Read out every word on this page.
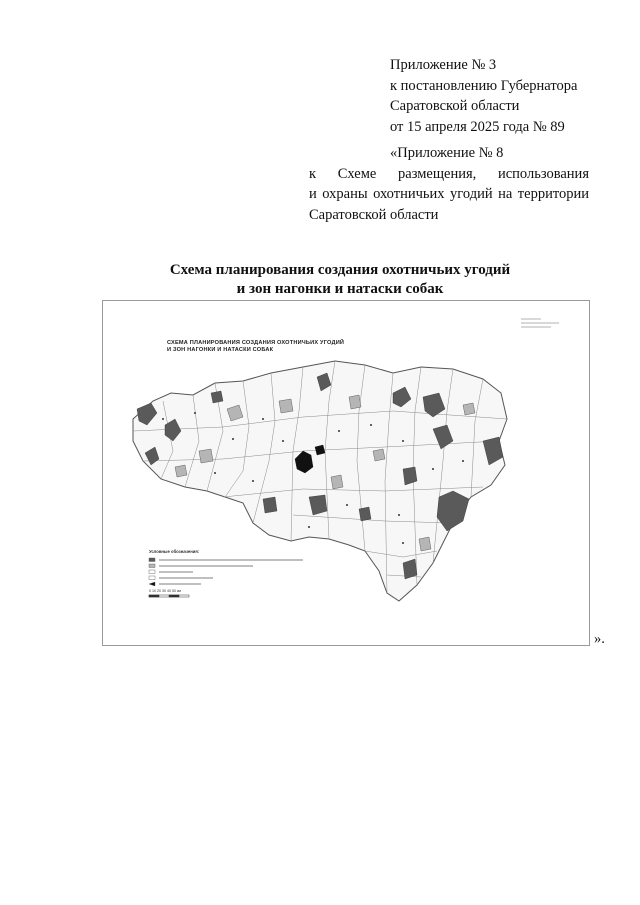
Приложение № 3
к постановлению Губернатора
Саратовской области
от 15 апреля 2025 года № 89
«Приложение № 8
к Схеме размещения, использования
и охраны охотничьих угодий на территории
Саратовской области
Схема планирования создания охотничьих угодий
и зон нагонки и натаски собак
СХЕМА ПЛАНИРОВАНИЯ СОЗДАНИЯ ОХОТНИЧЬИХ УГОДИЙ
И ЗОН НАГОНКИ И НАТАСКИ СОБАК
Условные обозначения:
0 10 20 30 40 50 км
».
